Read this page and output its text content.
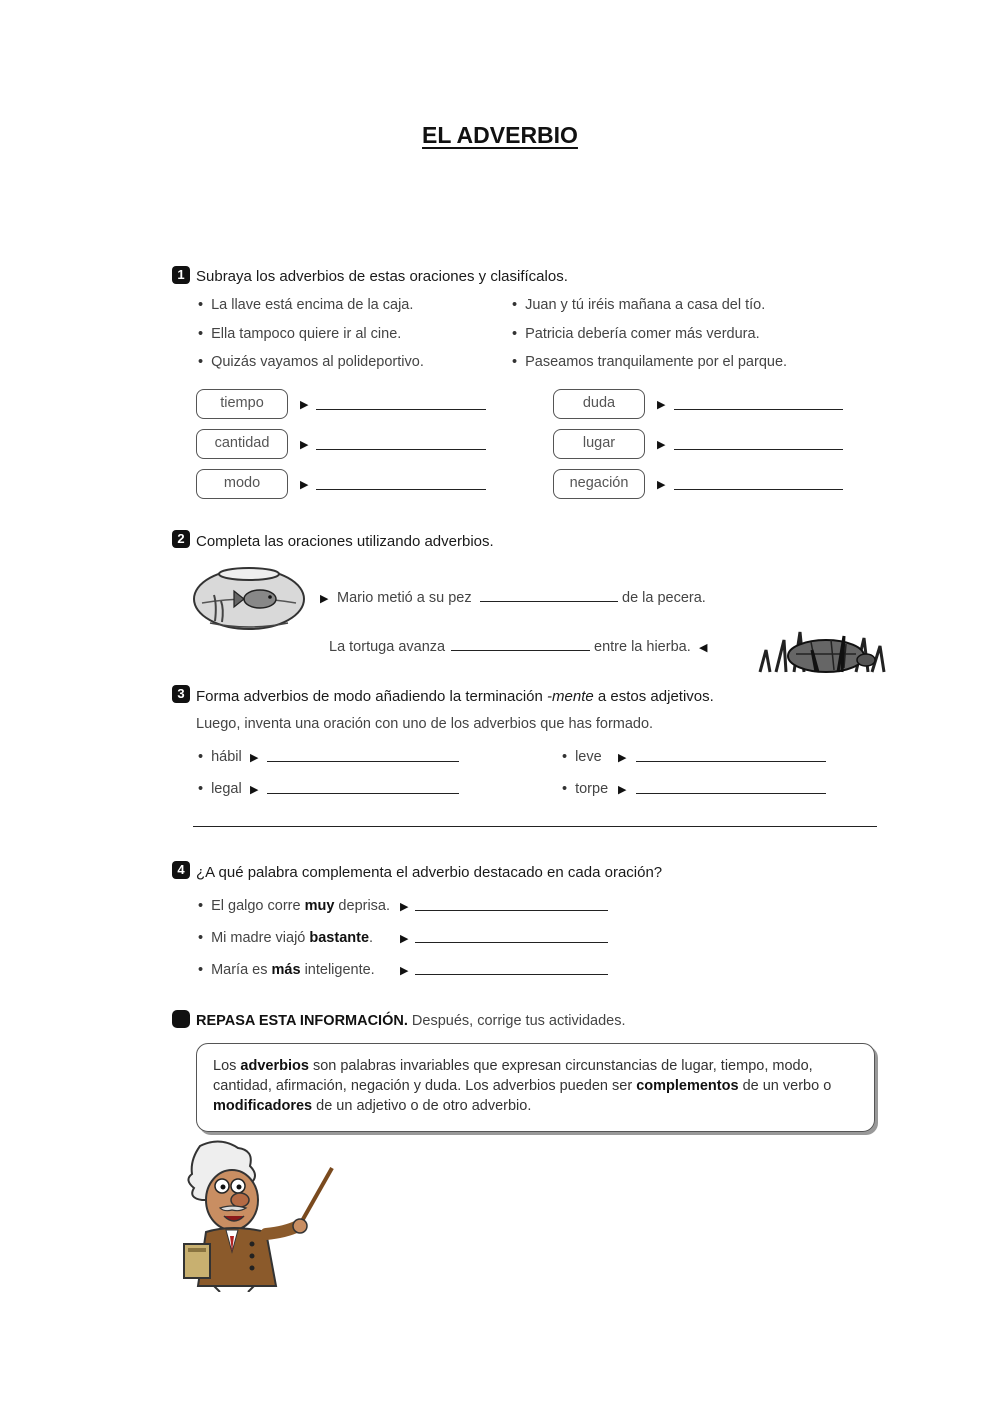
EL ADVERBIO
1 Subraya los adverbios de estas oraciones y clasifícalos.
• La llave está encima de la caja.
• Ella tampoco quiere ir al cine.
• Quizás vayamos al polideportivo.
• Juan y tú iréis mañana a casa del tío.
• Patricia debería comer más verdura.
• Paseamos tranquilamente por el parque.
tiempo	▶
cantidad	▶
modo	▶
duda	▶
lugar	▶
negación	▶
2 Completa las oraciones utilizando adverbios.
▶ Mario metió a su pez	de la pecera.
La tortuga avanza	entre la hierba. ◀
3 Forma adverbios de modo añadiendo la terminación -mente a estos adjetivos.
Luego, inventa una oración con uno de los adverbios que has formado.
• hábil ▶
• legal ▶
• leve ▶
• torpe ▶
4 ¿A qué palabra complementa el adverbio destacado en cada oración?
• El galgo corre muy deprisa. ▶
• Mi madre viajó bastante. ▶
• María es más inteligente. ▶
REPASA ESTA INFORMACIÓN. Después, corrige tus actividades.
Los adverbios son palabras invariables que expresan circunstancias de lugar, tiempo, modo, cantidad, afirmación, negación y duda. Los adverbios pueden ser complementos de un verbo o modificadores de un adjetivo o de otro adverbio.
